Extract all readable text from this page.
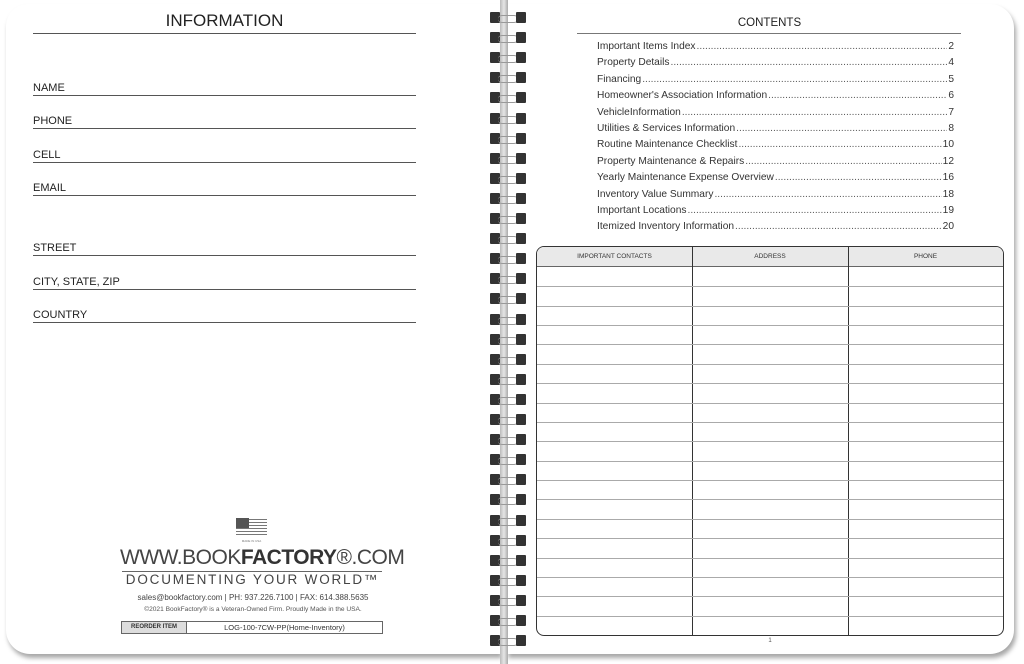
INFORMATION
NAME
PHONE
CELL
EMAIL
STREET
CITY, STATE, ZIP
COUNTRY
MADE IN USA
WWW.BOOKFACTORY®.COM
DOCUMENTING YOUR WORLD™
sales@bookfactory.com | PH: 937.226.7100 | FAX: 614.388.5635
©2021 BookFactory® is a Veteran-Owned Firm. Proudly Made in the USA.
REORDER ITEM	LOG-100-7CW-PP(Home-Inventory)
CONTENTS
Important Items Index .....	2
Property Details .....	4
Financing .....	5
Homeowner's Association Information .....	6
VehicleInformation .....	7
Utilities & Services Information .....	8
Routine Maintenance Checklist .....	10
Property Maintenance & Repairs .....	12
Yearly Maintenance Expense Overview .....	16
Inventory Value Summary .....	18
Important Locations .....	19
Itemized Inventory Information .....	20
IMPORTANT CONTACTS	ADDRESS	PHONE
1
